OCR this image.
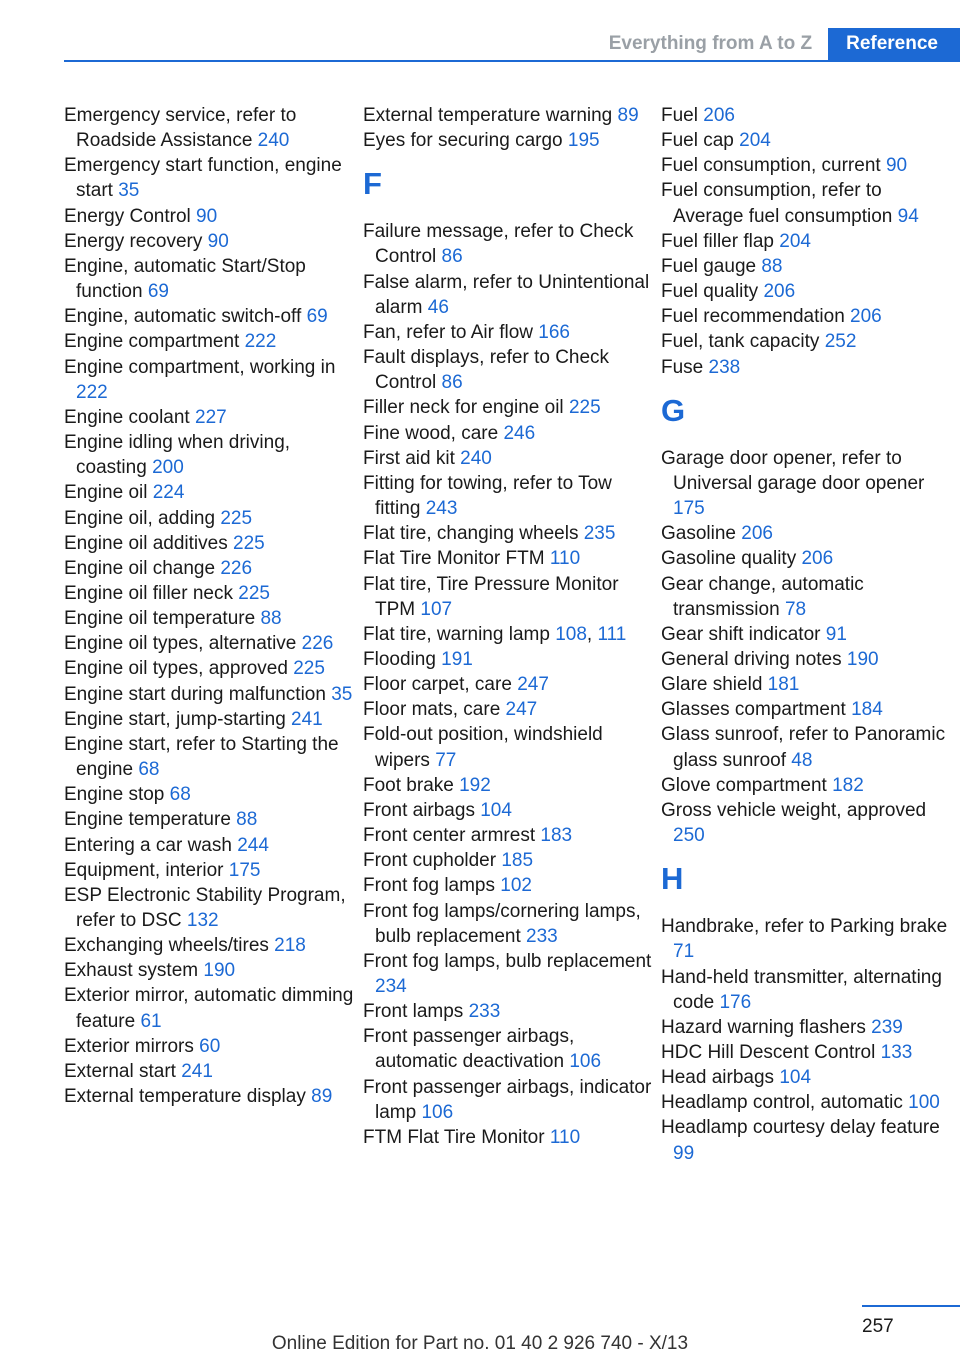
Everything from A to Z	Reference
Emergency service, refer to Roadside Assistance 240
Emergency start function, engine start 35
Energy Control 90
Energy recovery 90
Engine, automatic Start/Stop function 69
Engine, automatic switch-off 69
Engine compartment 222
Engine compartment, working in 222
Engine coolant 227
Engine idling when driving, coasting 200
Engine oil 224
Engine oil, adding 225
Engine oil additives 225
Engine oil change 226
Engine oil filler neck 225
Engine oil temperature 88
Engine oil types, alternative 226
Engine oil types, approved 225
Engine start during malfunction 35
Engine start, jump-starting 241
Engine start, refer to Starting the engine 68
Engine stop 68
Engine temperature 88
Entering a car wash 244
Equipment, interior 175
ESP Electronic Stability Program, refer to DSC 132
Exchanging wheels/tires 218
Exhaust system 190
Exterior mirror, automatic dimming feature 61
Exterior mirrors 60
External start 241
External temperature display 89
External temperature warning 89
Eyes for securing cargo 195
F
Failure message, refer to Check Control 86
False alarm, refer to Unintentional alarm 46
Fan, refer to Air flow 166
Fault displays, refer to Check Control 86
Filler neck for engine oil 225
Fine wood, care 246
First aid kit 240
Fitting for towing, refer to Tow fitting 243
Flat tire, changing wheels 235
Flat Tire Monitor FTM 110
Flat tire, Tire Pressure Monitor TPM 107
Flat tire, warning lamp 108, 111
Flooding 191
Floor carpet, care 247
Floor mats, care 247
Fold-out position, windshield wipers 77
Foot brake 192
Front airbags 104
Front center armrest 183
Front cupholder 185
Front fog lamps 102
Front fog lamps/cornering lamps, bulb replacement 233
Front fog lamps, bulb replacement 234
Front lamps 233
Front passenger airbags, automatic deactivation 106
Front passenger airbags, indicator lamp 106
FTM Flat Tire Monitor 110
Fuel 206
Fuel cap 204
Fuel consumption, current 90
Fuel consumption, refer to Average fuel consumption 94
Fuel filler flap 204
Fuel gauge 88
Fuel quality 206
Fuel recommendation 206
Fuel, tank capacity 252
Fuse 238
G
Garage door opener, refer to Universal garage door opener 175
Gasoline 206
Gasoline quality 206
Gear change, automatic transmission 78
Gear shift indicator 91
General driving notes 190
Glare shield 181
Glasses compartment 184
Glass sunroof, refer to Panoramic glass sunroof 48
Glove compartment 182
Gross vehicle weight, approved 250
H
Handbrake, refer to Parking brake 71
Hand-held transmitter, alternating code 176
Hazard warning flashers 239
HDC Hill Descent Control 133
Head airbags 104
Headlamp control, automatic 100
Headlamp courtesy delay feature 99
257
Online Edition for Part no. 01 40 2 926 740 - X/13
